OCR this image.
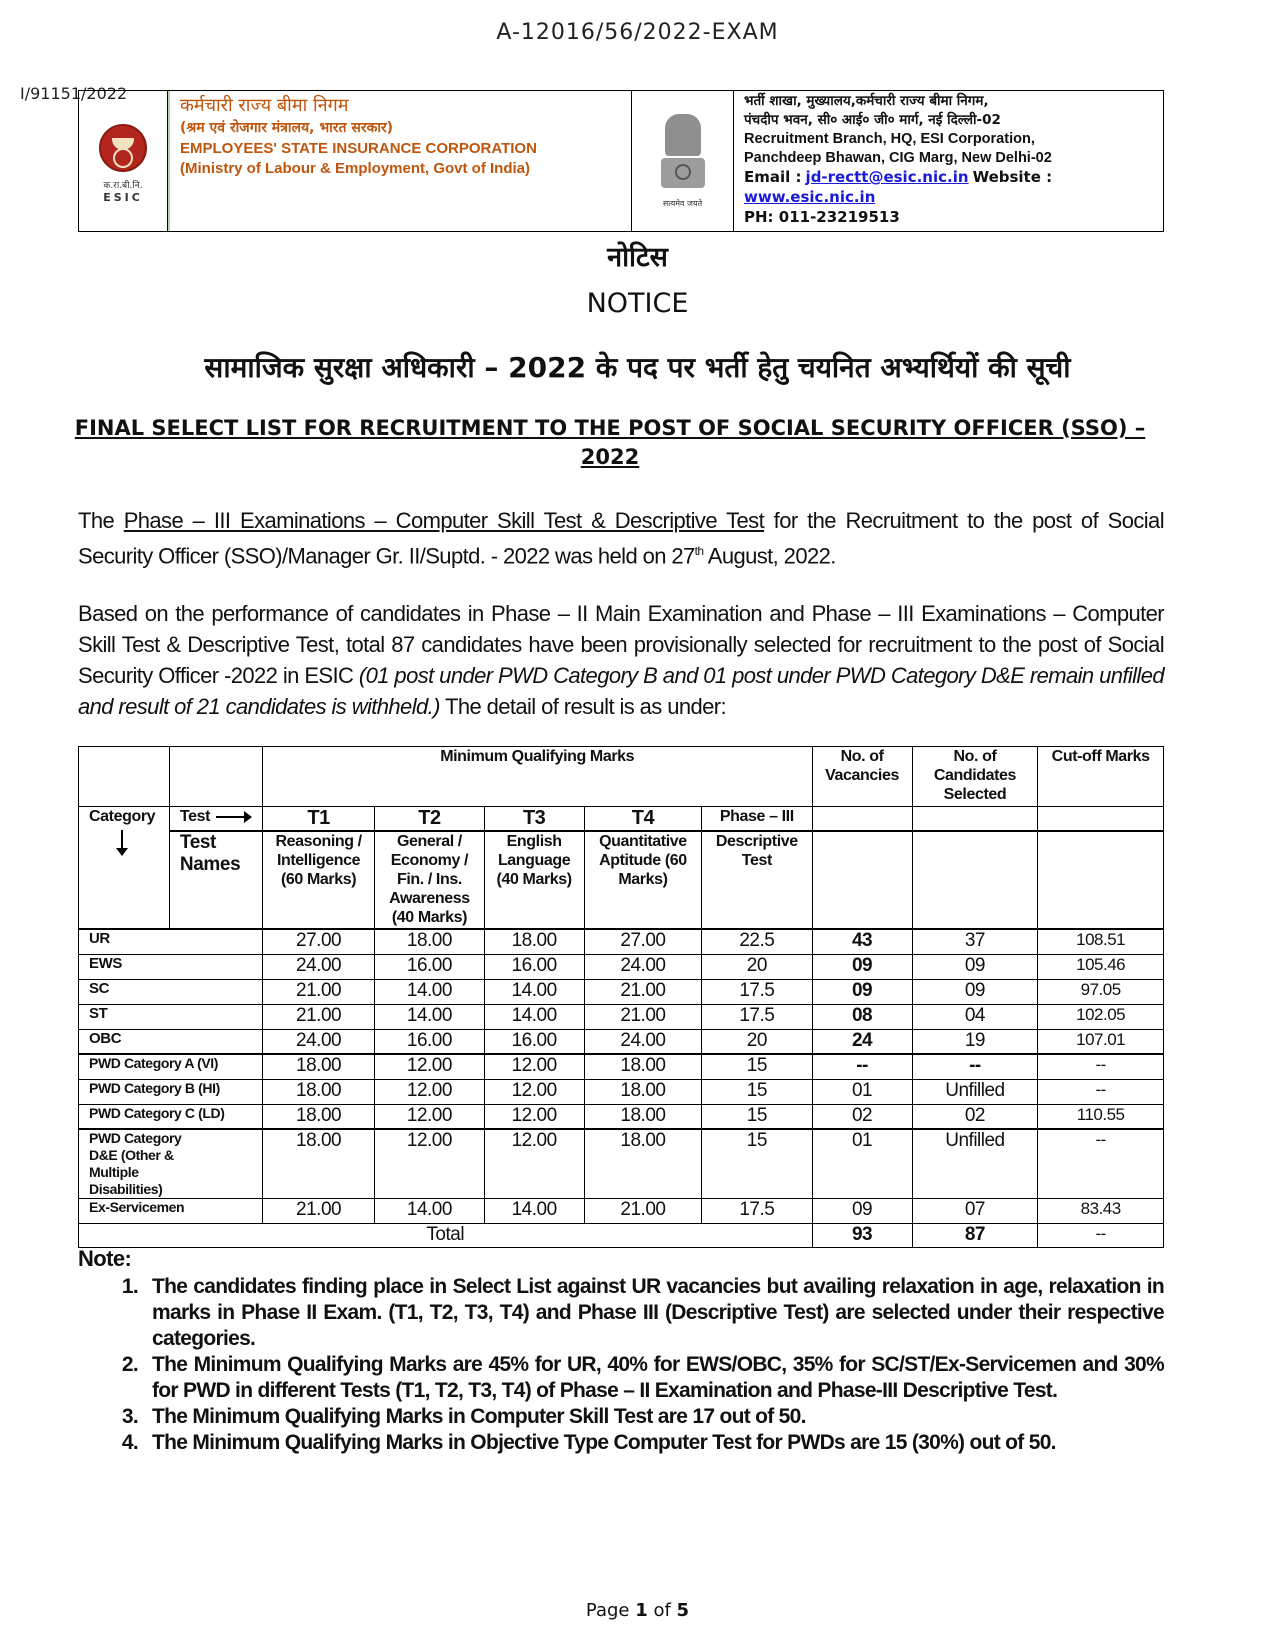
A-12016/56/2022-EXAM
I/91151/2022
क.रा.बी.नि.
ESIC
कर्मचारी राज्य बीमा निगम
(श्रम एवं रोजगार मंत्रालय, भारत सरकार)
EMPLOYEES' STATE INSURANCE CORPORATION
(Ministry of Labour & Employment, Govt of India)
सत्यमेव जयते
भर्ती शाखा, मुख्यालय,कर्मचारी राज्य बीमा निगम,
पंचदीप भवन, सी० आई० जी० मार्ग, नई दिल्ली-02
Recruitment Branch, HQ, ESI Corporation,
Panchdeep Bhawan, CIG Marg, New Delhi-02
Email : jd-rectt@esic.nic.in Website :
www.esic.nic.in
PH: 011-23219513
नोटिस
NOTICE
सामाजिक सुरक्षा अधिकारी – 2022 के पद पर भर्ती हेतु चयनित अभ्यर्थियों की सूची
FINAL SELECT LIST FOR RECRUITMENT TO THE POST OF SOCIAL SECURITY OFFICER (SSO) – 2022
The Phase – III Examinations – Computer Skill Test & Descriptive Test for the Recruitment to the post of Social Security Officer (SSO)/Manager Gr. II/Suptd. - 2022 was held on 27th August, 2022.
Based on the performance of candidates in Phase – II Main Examination and Phase – III Examinations – Computer Skill Test & Descriptive Test, total 87 candidates have been provisionally selected for recruitment to the post of Social Security Officer -2022 in ESIC (01 post under PWD Category B and 01 post under PWD Category D&E remain unfilled and result of 21 candidates is withheld.) The detail of result is as under:
		Minimum Qualifying Marks					No. of Vacancies	No. of Candidates Selected	Cut-off Marks
Category	Test	T1	T2	T3	T4	Phase – III			
	Test Names	Reasoning / Intelligence (60 Marks)	General / Economy / Fin. / Ins. Awareness (40 Marks)	English Language (40 Marks)	Quantitative Aptitude (60 Marks)	Descriptive Test			
UR		27.00	18.00	18.00	27.00	22.5	43	37	108.51
EWS		24.00	16.00	16.00	24.00	20	09	09	105.46
SC		21.00	14.00	14.00	21.00	17.5	09	09	97.05
ST		21.00	14.00	14.00	21.00	17.5	08	04	102.05
OBC		24.00	16.00	16.00	24.00	20	24	19	107.01
PWD Category A (VI)		18.00	12.00	12.00	18.00	15	--	--	--
PWD Category B (HI)		18.00	12.00	12.00	18.00	15	01	Unfilled	--
PWD Category C (LD)		18.00	12.00	12.00	18.00	15	02	02	110.55
PWD Category D&E (Other & Multiple Disabilities)		18.00	12.00	12.00	18.00	15	01	Unfilled	--
Ex-Servicemen		21.00	14.00	14.00	21.00	17.5	09	07	83.43
Total							93	87	--
Note:
1. The candidates finding place in Select List against UR vacancies but availing relaxation in age, relaxation in marks in Phase II Exam. (T1, T2, T3, T4) and Phase III (Descriptive Test) are selected under their respective categories.
2. The Minimum Qualifying Marks are 45% for UR, 40% for EWS/OBC, 35% for SC/ST/Ex-Servicemen and 30% for PWD in different Tests (T1, T2, T3, T4) of Phase – II Examination and Phase-III Descriptive Test.
3. The Minimum Qualifying Marks in Computer Skill Test are 17 out of 50.
4. The Minimum Qualifying Marks in Objective Type Computer Test for PWDs are 15 (30%) out of 50.
Page 1 of 5
